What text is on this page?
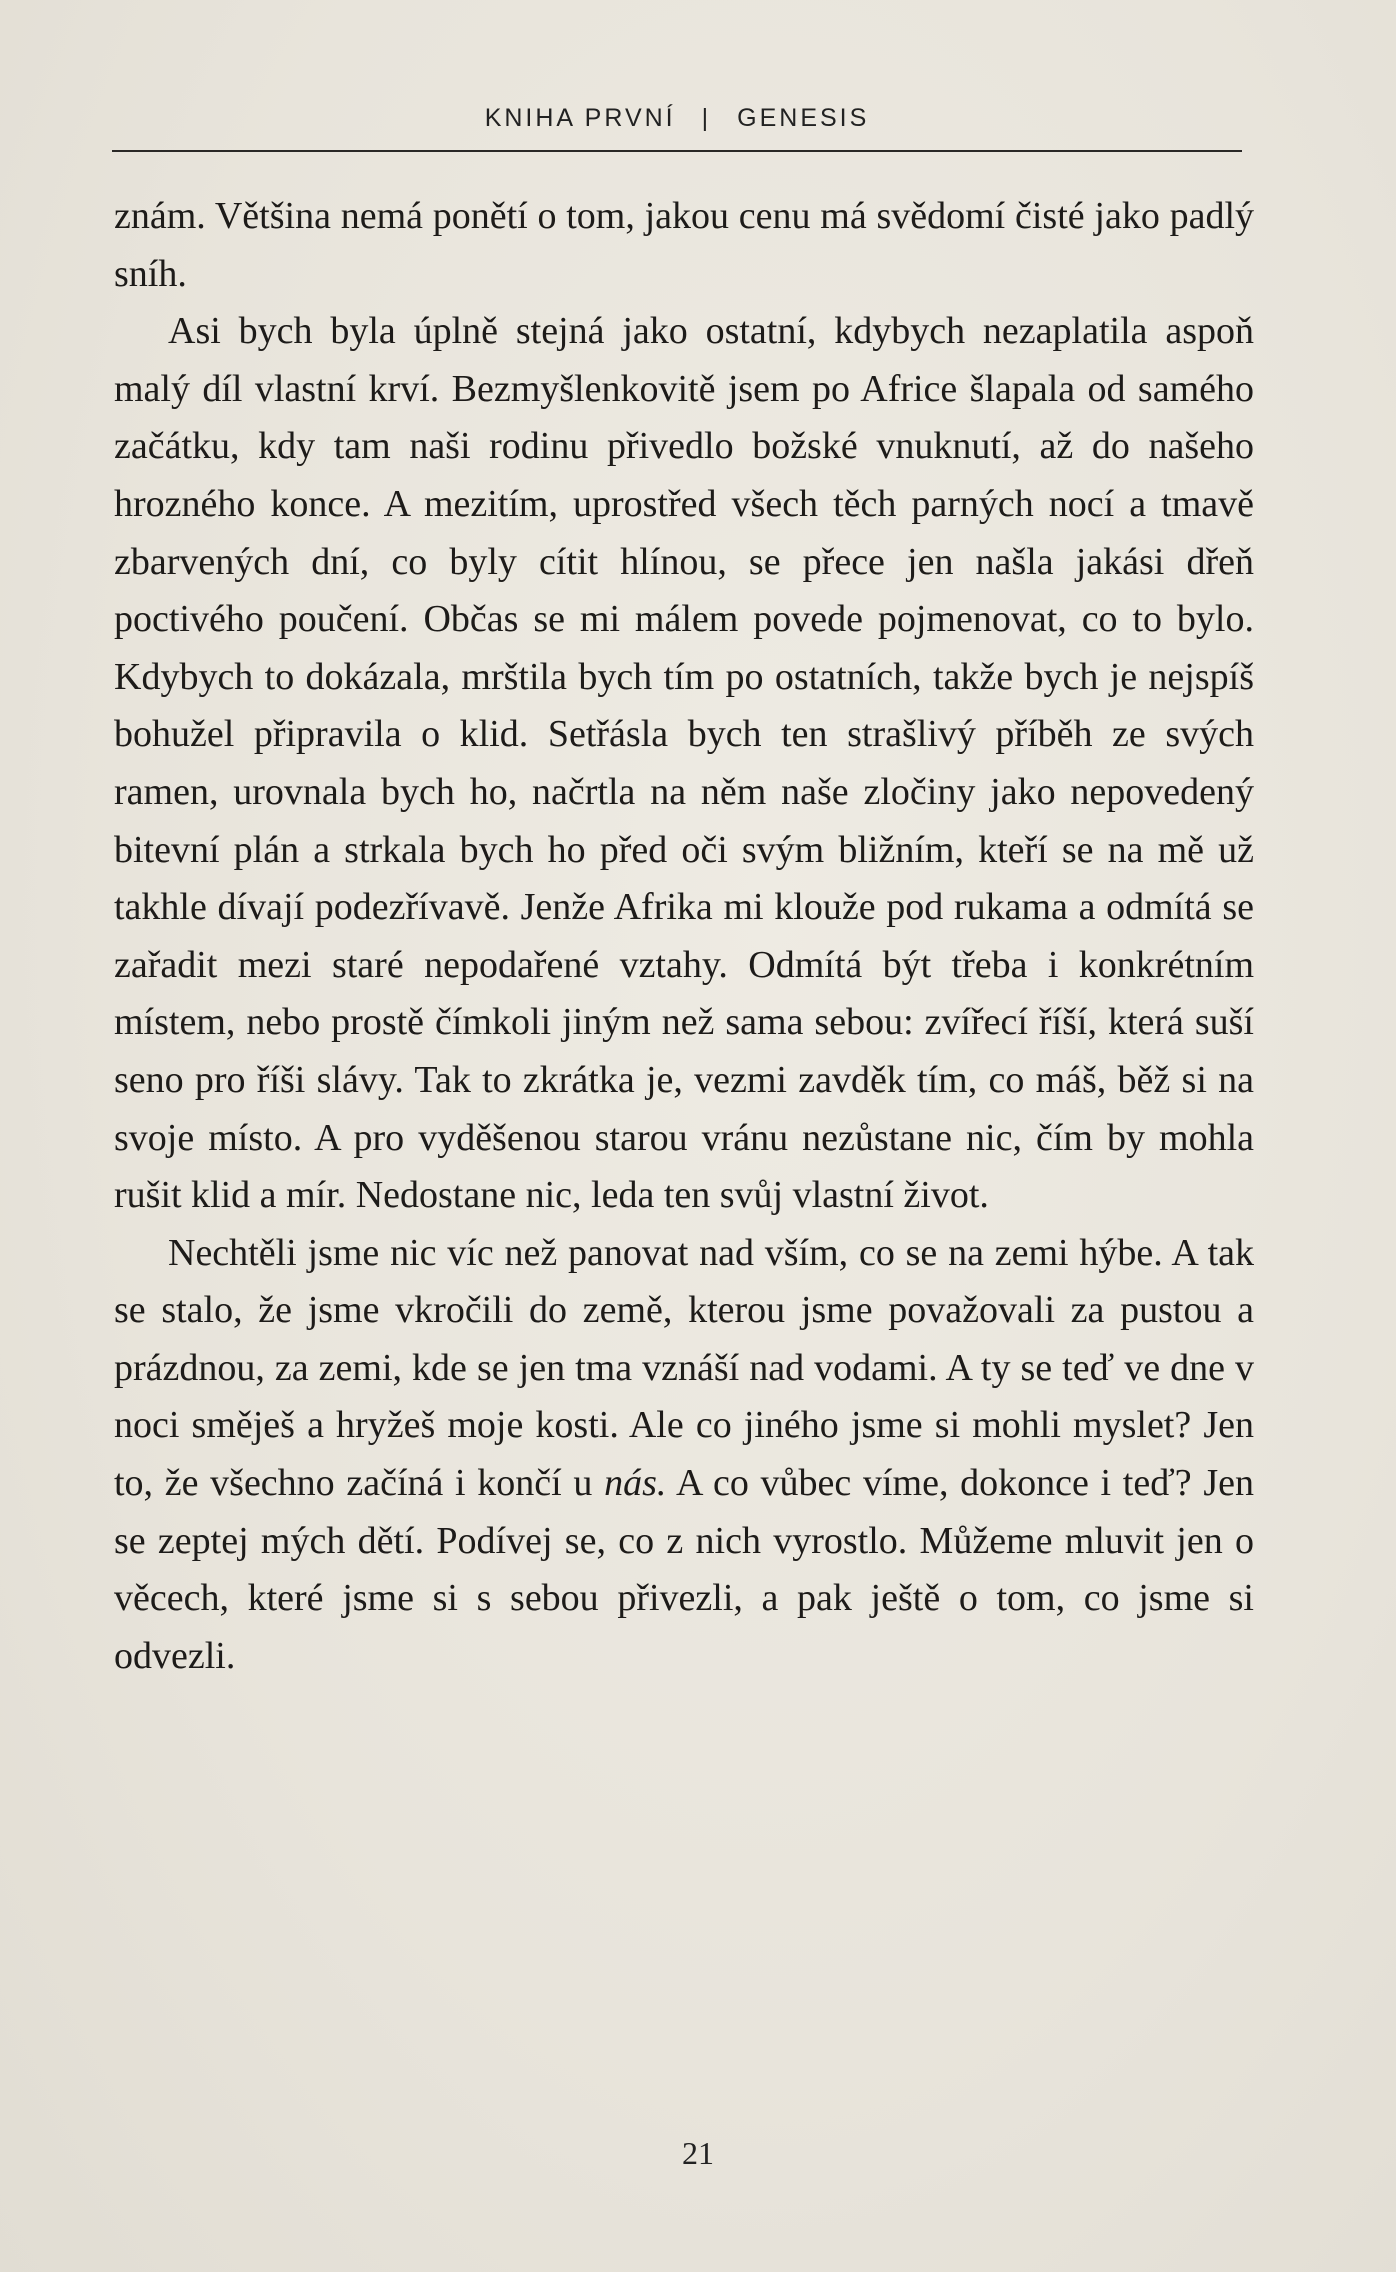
KNIHA PRVNÍ | GENESIS

znám. Většina nemá ponětí o tom, jakou cenu má svědomí čisté jako padlý sníh.

Asi bych byla úplně stejná jako ostatní, kdybych nezaplatila aspoň malý díl vlastní krví. Bezmyšlenkovitě jsem po Africe šlapala od samého začátku, kdy tam naši rodinu přivedlo božské vnuknutí, až do našeho hrozného konce. A mezitím, uprostřed všech těch parných nocí a tmavě zbarvených dní, co byly cítit hlínou, se přece jen našla jakási dřeň poctivého poučení. Občas se mi málem povede pojmenovat, co to bylo. Kdybych to dokázala, mrštila bych tím po ostatních, takže bych je nejspíš bohužel připravila o klid. Setřásla bych ten strašlivý příběh ze svých ramen, urovnala bych ho, načrtla na něm naše zločiny jako nepovedený bitevní plán a strkala bych ho před oči svým bližním, kteří se na mě už takhle dívají podezřívavě. Jenže Afrika mi klouže pod rukama a odmítá se zařadit mezi staré nepodařené vztahy. Odmítá být třeba i konkrétním místem, nebo prostě čímkoli jiným než sama sebou: zvířecí říší, která suší seno pro říši slávy. Tak to zkrátka je, vezmi zavděk tím, co máš, běž si na svoje místo. A pro vyděšenou starou vránu nezůstane nic, čím by mohla rušit klid a mír. Nedostane nic, leda ten svůj vlastní život.

Nechtěli jsme nic víc než panovat nad vším, co se na zemi hýbe. A tak se stalo, že jsme vkročili do země, kterou jsme považovali za pustou a prázdnou, za zemi, kde se jen tma vznáší nad vodami. A ty se teď ve dne v noci směješ a hryžeš moje kosti. Ale co jiného jsme si mohli myslet? Jen to, že všechno začíná i končí u nás. A co vůbec víme, dokonce i teď? Jen se zeptej mých dětí. Podívej se, co z nich vyrostlo. Můžeme mluvit jen o věcech, které jsme si s sebou přivezli, a pak ještě o tom, co jsme si odvezli.

21
